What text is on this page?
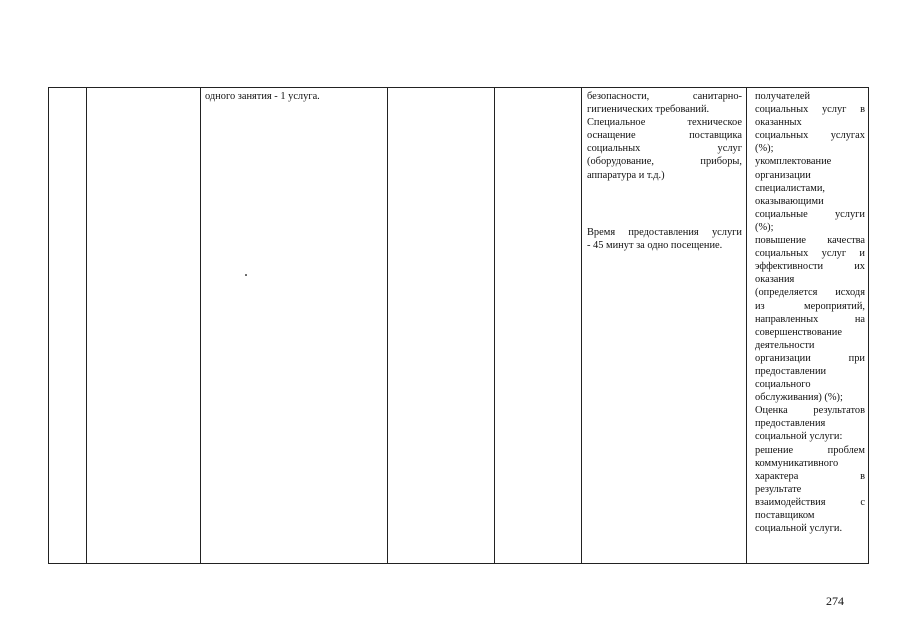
одного занятия - 1 услуга.	безопасности, санитарно-
гигиенических требований.
Специальное техническое
оснащение поставщика
социальных услуг
(оборудование, приборы,
аппаратура и т.д.)
Время предоставления услуги
- 45 минут за одно посещение.
получателей
социальных услуг в
оказанных
социальных услугах
(%);
укомплектование
организации
специалистами,
оказывающими
социальные услуги
(%);
повышение качества
социальных услуг и
эффективности их
оказания
(определяется исходя
из мероприятий,
направленных на
совершенствование
деятельности
организации при
предоставлении
социального
обслуживания) (%);
Оценка результатов
предоставления
социальной услуги:
решение проблем
коммуникативного
характера в
результате
взаимодействия с
поставщиком
социальной услуги.
274
